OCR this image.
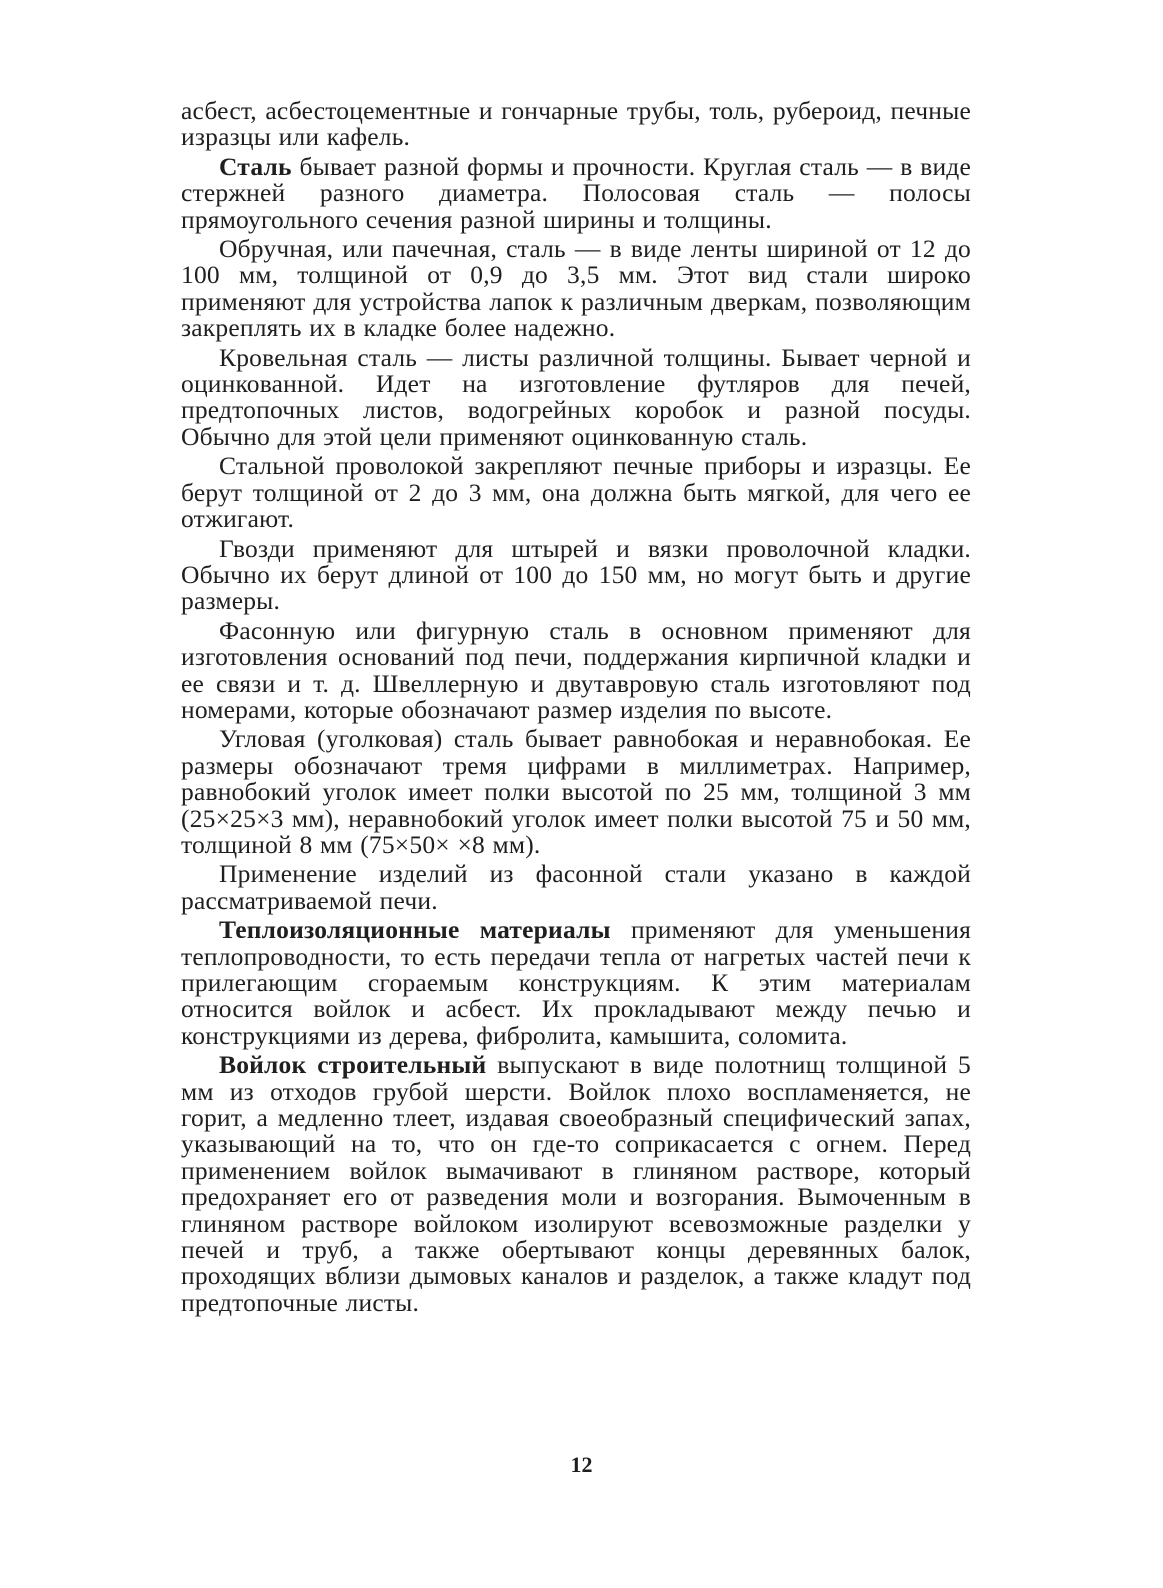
асбест, асбестоцементные и гончарные трубы, толь, рубероид, печные изразцы или кафель.

Сталь бывает разной формы и прочности. Круглая сталь — в виде стержней разного диаметра. Полосовая сталь — полосы прямоугольного сечения разной ширины и толщины.

Обручная, или пачечная, сталь — в виде ленты шириной от 12 до 100 мм, толщиной от 0,9 до 3,5 мм. Этот вид стали широко применяют для устройства лапок к различным дверкам, позволяющим закреплять их в кладке более надежно.

Кровельная сталь — листы различной толщины. Бывает черной и оцинкованной. Идет на изготовление футляров для печей, предтопочных листов, водогрейных коробок и разной посуды. Обычно для этой цели применяют оцинкованную сталь.

Стальной проволокой закрепляют печные приборы и изразцы. Ее берут толщиной от 2 до 3 мм, она должна быть мягкой, для чего ее отжигают.

Гвозди применяют для штырей и вязки проволочной кладки. Обычно их берут длиной от 100 до 150 мм, но могут быть и другие размеры.

Фасонную или фигурную сталь в основном применяют для изготовления оснований под печи, поддержания кирпичной кладки и ее связи и т. д. Швеллерную и двутавровую сталь изготовляют под номерами, которые обозначают размер изделия по высоте.

Угловая (уголковая) сталь бывает равнобокая и неравнобокая. Ее размеры обозначают тремя цифрами в миллиметрах. Например, равнобокий уголок имеет полки высотой по 25 мм, толщиной 3 мм (25×25×3 мм), неравнобокий уголок имеет полки высотой 75 и 50 мм, толщиной 8 мм (75×50× ×8 мм).

Применение изделий из фасонной стали указано в каждой рассматриваемой печи.

Теплоизоляционные материалы применяют для уменьшения теплопроводности, то есть передачи тепла от нагретых частей печи к прилегающим сгораемым конструкциям. К этим материалам относится войлок и асбест. Их прокладывают между печью и конструкциями из дерева, фибролита, камышита, соломита.

Войлок строительный выпускают в виде полотнищ толщиной 5 мм из отходов грубой шерсти. Войлок плохо воспламеняется, не горит, а медленно тлеет, издавая своеобразный специфический запах, указывающий на то, что он где-то соприкасается с огнем. Перед применением войлок вымачивают в глиняном растворе, который предохраняет его от разведения моли и возгорания. Вымоченным в глиняном растворе войлоком изолируют всевозможные разделки у печей и труб, а также обертывают концы деревянных балок, проходящих вблизи дымовых каналов и разделок, а также кладут под предтопочные листы.

12
